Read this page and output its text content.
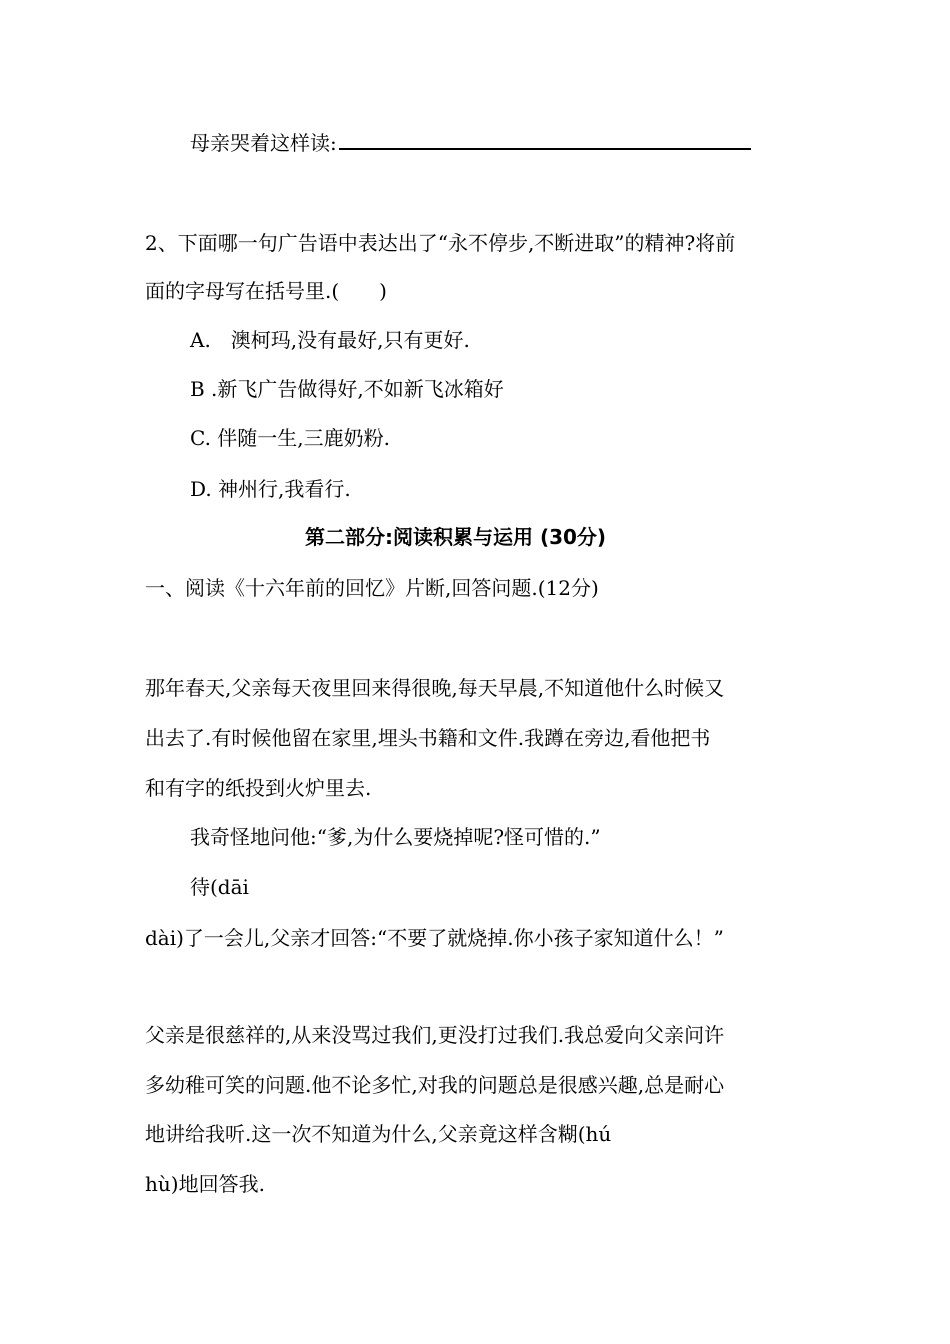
母亲哭着这样读:
2、下面哪一句广告语中表达出了“永不停步,不断进取”的精神?将前
面的字母写在括号里.(　　)
A.　澳柯玛,没有最好,只有更好.
B .新飞广告做得好,不如新飞冰箱好
C. 伴随一生,三鹿奶粉.
D. 神州行,我看行.
第二部分:阅读积累与运用 (30分)
一、阅读《十六年前的回忆》片断,回答问题.(12分)
那年春天,父亲每天夜里回来得很晚,每天早晨,不知道他什么时候又
出去了.有时候他留在家里,埋头书籍和文件.我蹲在旁边,看他把书
和有字的纸投到火炉里去.
我奇怪地问他:“爹,为什么要烧掉呢?怪可惜的.”
待(dāi
dài)了一会儿,父亲才回答:“不要了就烧掉.你小孩子家知道什么！”
父亲是很慈祥的,从来没骂过我们,更没打过我们.我总爱向父亲问许
多幼稚可笑的问题.他不论多忙,对我的问题总是很感兴趣,总是耐心
地讲给我听.这一次不知道为什么,父亲竟这样含糊(hú
hù)地回答我.
